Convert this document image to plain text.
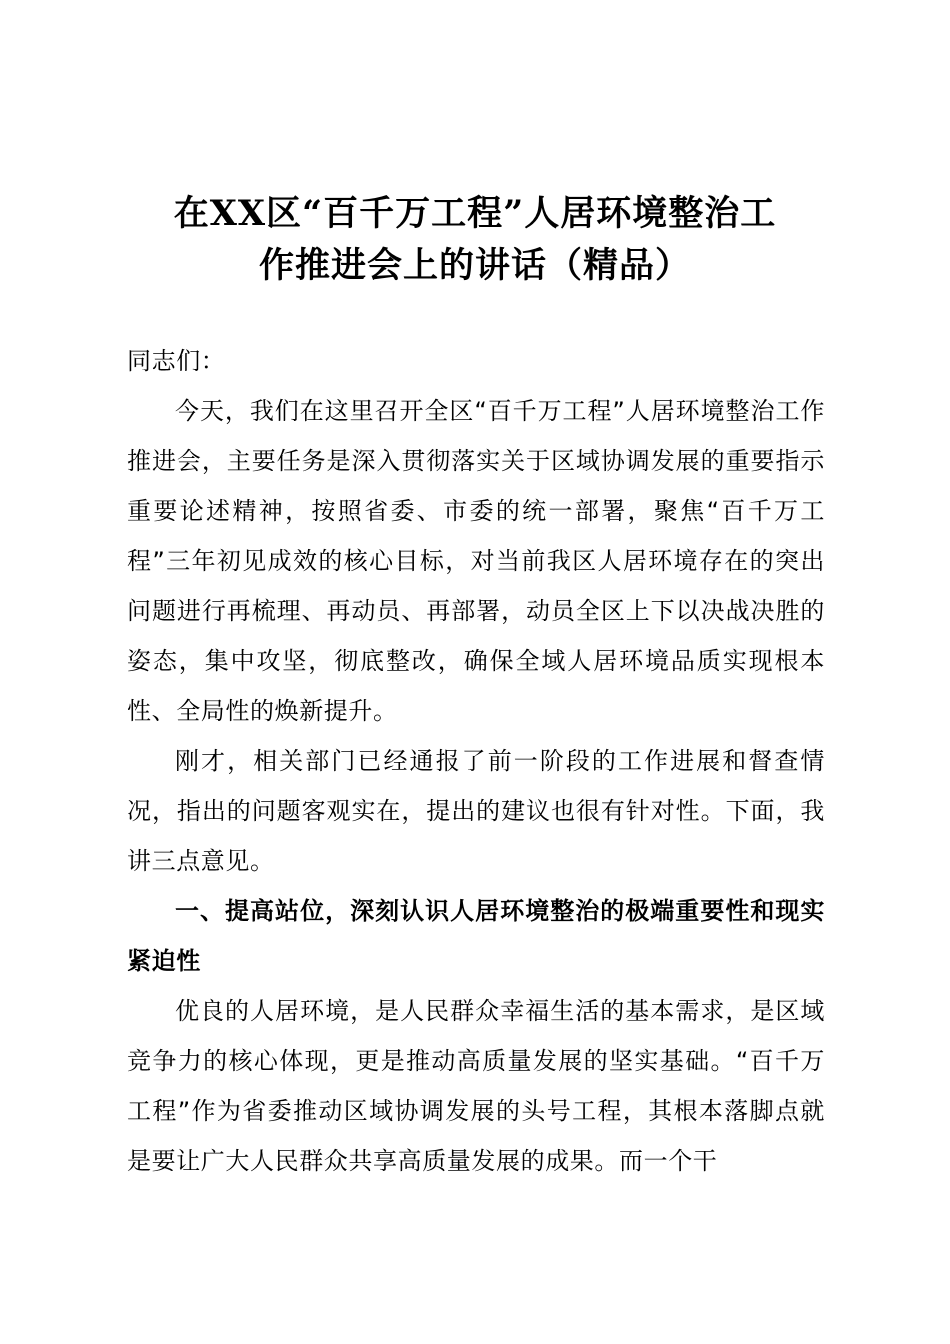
在XX区“百千万工程”人居环境整治工
作推进会上的讲话（精品）

同志们：

今天，我们在这里召开全区“百千万工程”人居环境整治工作推进会，主要任务是深入贯彻落实关于区域协调发展的重要指示重要论述精神，按照省委、市委的统一部署，聚焦“百千万工程”三年初见成效的核心目标，对当前我区人居环境存在的突出问题进行再梳理、再动员、再部署，动员全区上下以决战决胜的姿态，集中攻坚，彻底整改，确保全域人居环境品质实现根本性、全局性的焕新提升。

刚才，相关部门已经通报了前一阶段的工作进展和督查情况，指出的问题客观实在，提出的建议也很有针对性。下面，我讲三点意见。

一、提高站位，深刻认识人居环境整治的极端重要性和现实紧迫性

优良的人居环境，是人民群众幸福生活的基本需求，是区域竞争力的核心体现，更是推动高质量发展的坚实基础。“百千万工程”作为省委推动区域协调发展的头号工程，其根本落脚点就是要让广大人民群众共享高质量发展的成果。而一个干
